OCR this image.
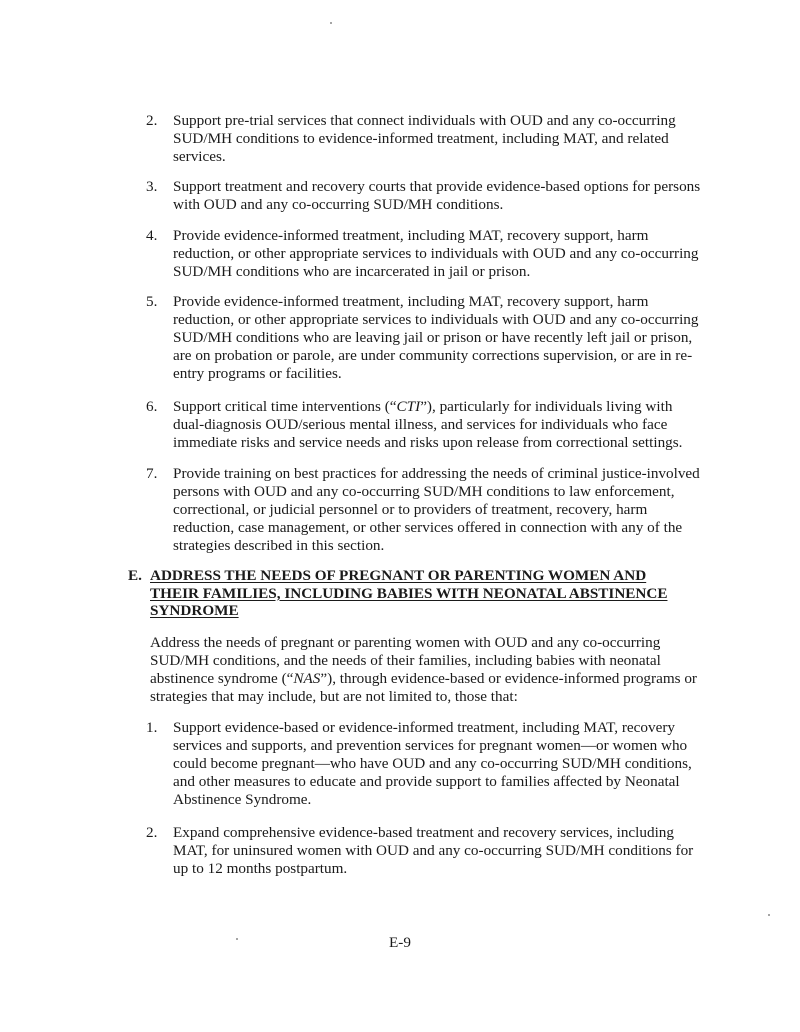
2.	Support pre-trial services that connect individuals with OUD and any co-occurring SUD/MH conditions to evidence-informed treatment, including MAT, and related services.
3.	Support treatment and recovery courts that provide evidence-based options for persons with OUD and any co-occurring SUD/MH conditions.
4.	Provide evidence-informed treatment, including MAT, recovery support, harm reduction, or other appropriate services to individuals with OUD and any co-occurring SUD/MH conditions who are incarcerated in jail or prison.
5.	Provide evidence-informed treatment, including MAT, recovery support, harm reduction, or other appropriate services to individuals with OUD and any co-occurring SUD/MH conditions who are leaving jail or prison or have recently left jail or prison, are on probation or parole, are under community corrections supervision, or are in re-entry programs or facilities.
6.	Support critical time interventions (“CTI”), particularly for individuals living with dual-diagnosis OUD/serious mental illness, and services for individuals who face immediate risks and service needs and risks upon release from correctional settings.
7.	Provide training on best practices for addressing the needs of criminal justice-involved persons with OUD and any co-occurring SUD/MH conditions to law enforcement, correctional, or judicial personnel or to providers of treatment, recovery, harm reduction, case management, or other services offered in connection with any of the strategies described in this section.
E. ADDRESS THE NEEDS OF PREGNANT OR PARENTING WOMEN AND THEIR FAMILIES, INCLUDING BABIES WITH NEONATAL ABSTINENCE SYNDROME
Address the needs of pregnant or parenting women with OUD and any co-occurring SUD/MH conditions, and the needs of their families, including babies with neonatal abstinence syndrome (“NAS”), through evidence-based or evidence-informed programs or strategies that may include, but are not limited to, those that:
1.	Support evidence-based or evidence-informed treatment, including MAT, recovery services and supports, and prevention services for pregnant women—or women who could become pregnant—who have OUD and any co-occurring SUD/MH conditions, and other measures to educate and provide support to families affected by Neonatal Abstinence Syndrome.
2.	Expand comprehensive evidence-based treatment and recovery services, including MAT, for uninsured women with OUD and any co-occurring SUD/MH conditions for up to 12 months postpartum.
E-9
